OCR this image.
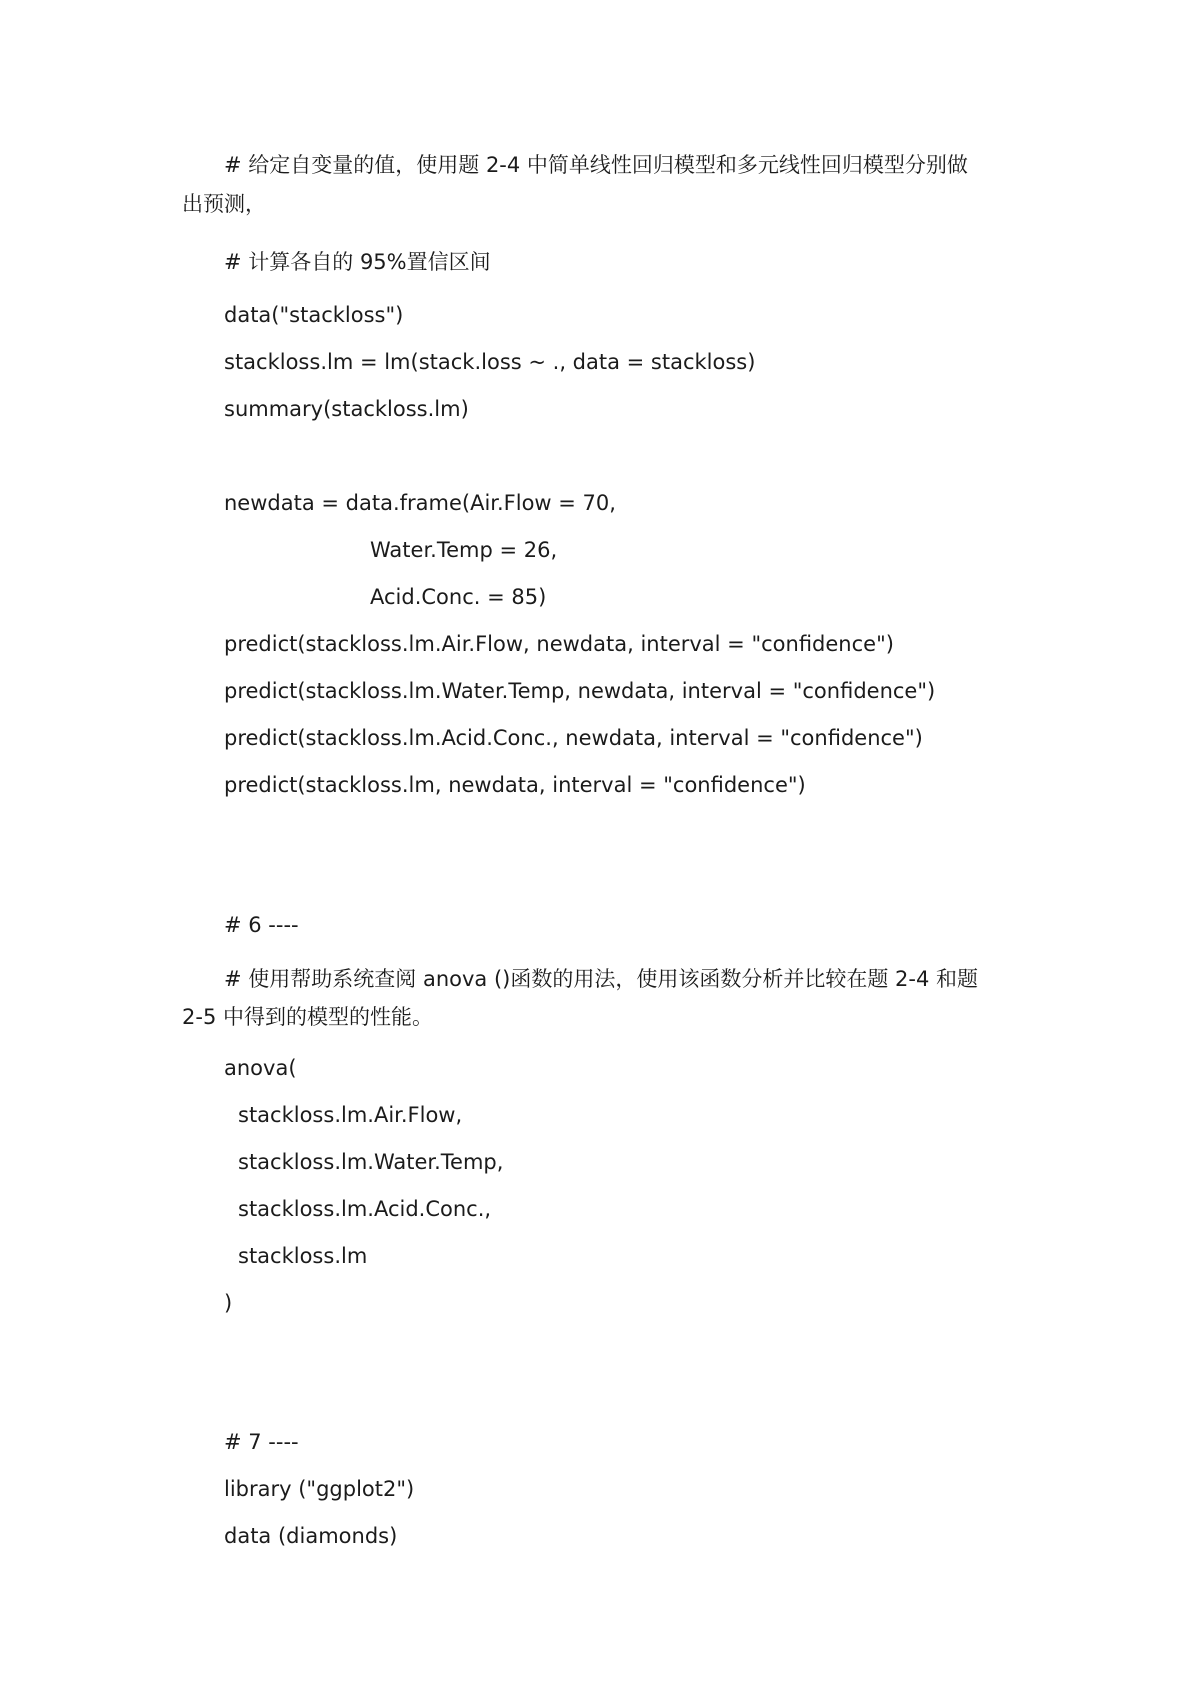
# 给定自变量的值，使用题 2-4 中简单线性回归模型和多元线性回归模型分别做

出预测，

# 计算各自的 95%置信区间

data("stackloss")

stackloss.lm = lm(stack.loss ~ ., data = stackloss)

summary(stackloss.lm)

newdata = data.frame(Air.Flow = 70,

Water.Temp = 26,

Acid.Conc. = 85)

predict(stackloss.lm.Air.Flow, newdata, interval = "confidence")

predict(stackloss.lm.Water.Temp, newdata, interval = "confidence")

predict(stackloss.lm.Acid.Conc., newdata, interval = "confidence")

predict(stackloss.lm, newdata, interval = "confidence")

# 6 ----

# 使用帮助系统查阅 anova ()函数的用法，使用该函数分析并比较在题 2-4 和题

2-5 中得到的模型的性能。

anova(

stackloss.lm.Air.Flow,

stackloss.lm.Water.Temp,

stackloss.lm.Acid.Conc.,

stackloss.lm

)

# 7 ----

library ("ggplot2")

data (diamonds)
